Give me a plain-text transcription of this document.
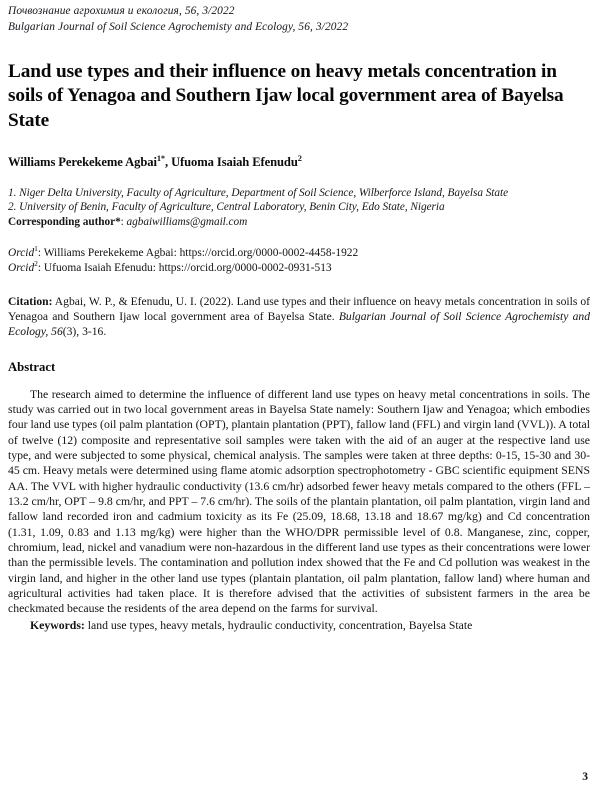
Почвознание агрохимия и екология, 56, 3/2022
Bulgarian Journal of Soil Science Agrochemisty and Ecology, 56, 3/2022
Land use types and their influence on heavy metals concentration in soils of Yenagoa and Southern Ijaw local government area of Bayelsa State
Williams Perekekeme Agbai$^{1*}$, Ufuoma Isaiah Efenudu$^2$
1. Niger Delta University, Faculty of Agriculture, Department of Soil Science, Wilberforce Island, Bayelsa State
2. University of Benin, Faculty of Agriculture, Central Laboratory, Benin City, Edo State, Nigeria
Corresponding author*: agbaiwilliams@gmail.com
Orcid$^1$: Williams Perekekeme Agbai: https://orcid.org/0000-0002-4458-1922
Orcid$^2$: Ufuoma Isaiah Efenudu: https://orcid.org/0000-0002-0931-513
Citation: Agbai, W. P., & Efenudu, U. I. (2022). Land use types and their influence on heavy metals concentration in soils of Yenagoa and Southern Ijaw local government area of Bayelsa State. Bulgarian Journal of Soil Science Agrochemisty and Ecology, 56(3), 3-16.
Abstract
The research aimed to determine the influence of different land use types on heavy metal concentrations in soils. The study was carried out in two local government areas in Bayelsa State namely: Southern Ijaw and Yenagoa; which embodies four land use types (oil palm plantation (OPT), plantain plantation (PPT), fallow land (FFL) and virgin land (VVL)). A total of twelve (12) composite and representative soil samples were taken with the aid of an auger at the respective land use type, and were subjected to some physical, chemical analysis. The samples were taken at three depths: 0-15, 15-30 and 30-45 cm. Heavy metals were determined using flame atomic adsorption spectrophotometry - GBC scientific equipment SENS AA. The VVL with higher hydraulic conductivity (13.6 cm/hr) adsorbed fewer heavy metals compared to the others (FFL – 13.2 cm/hr, OPT – 9.8 cm/hr, and PPT – 7.6 cm/hr). The soils of the plantain plantation, oil palm plantation, virgin land and fallow land recorded iron and cadmium toxicity as its Fe (25.09, 18.68, 13.18 and 18.67 mg/kg) and Cd concentration (1.31, 1.09, 0.83 and 1.13 mg/kg) were higher than the WHO/DPR permissible level of 0.8. Manganese, zinc, copper, chromium, lead, nickel and vanadium were non-hazardous in the different land use types as their concentrations were lower than the permissible levels. The contamination and pollution index showed that the Fe and Cd pollution was weakest in the virgin land, and higher in the other land use types (plantain plantation, oil palm plantation, fallow land) where human and agricultural activities had taken place. It is therefore advised that the activities of subsistent farmers in the area be checkmated because the residents of the area depend on the farms for survival.
Keywords: land use types, heavy metals, hydraulic conductivity, concentration, Bayelsa State
3
